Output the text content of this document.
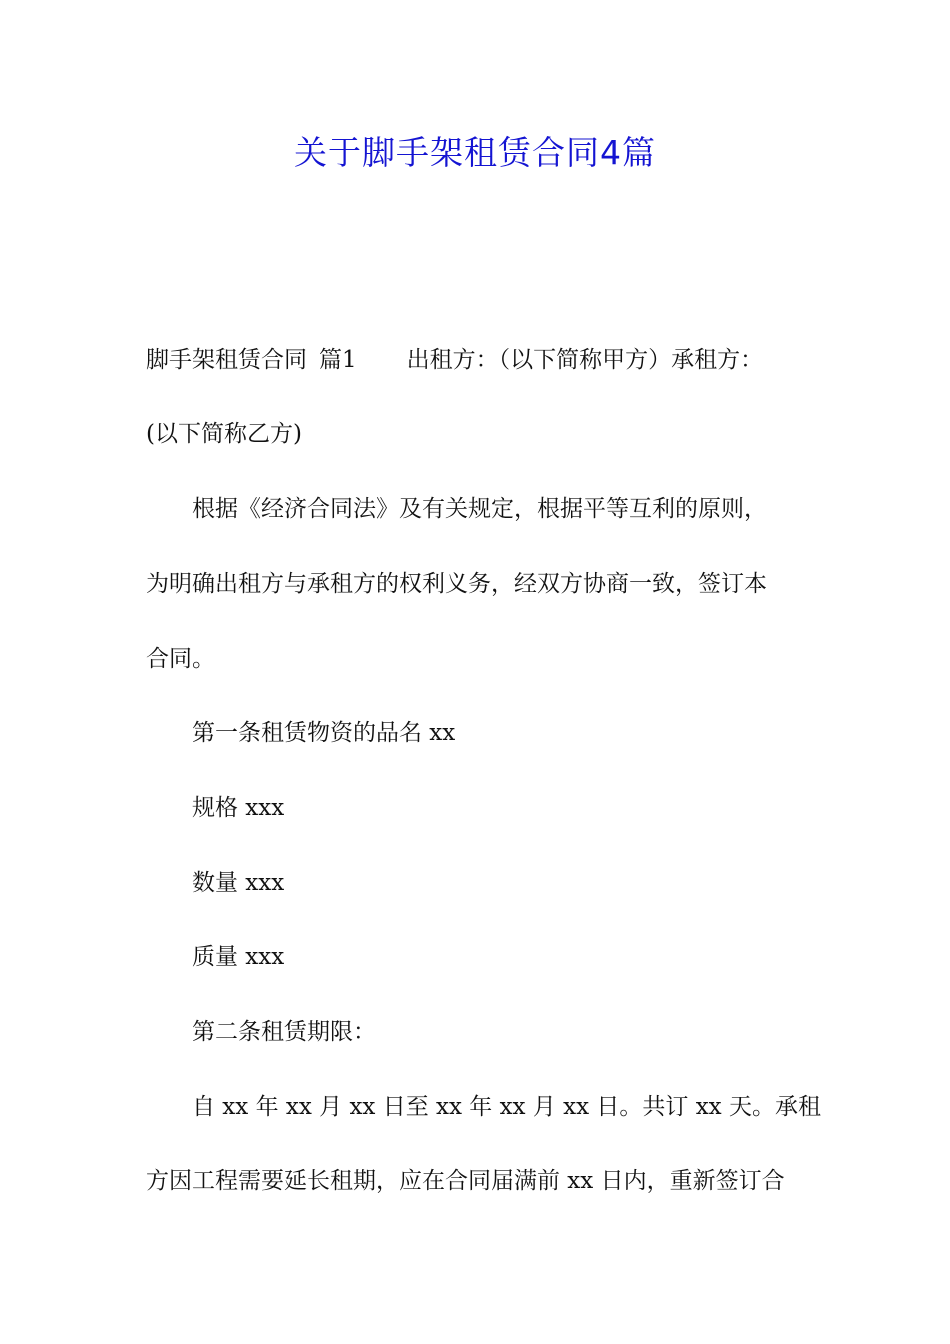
关于脚手架租赁合同4篇
脚手架租赁合同 篇1 出租方：（以下简称甲方）承租方：
(以下简称乙方)
根据《经济合同法》及有关规定，根据平等互利的原则，
为明确出租方与承租方的权利义务，经双方协商一致，签订本
合同。
第一条租赁物资的品名 xx
规格 xxx
数量 xxx
质量 xxx
第二条租赁期限：
自 xx 年 xx 月 xx 日至 xx 年 xx 月 xx 日。共订 xx 天。承租
方因工程需要延长租期，应在合同届满前 xx 日内，重新签订合
